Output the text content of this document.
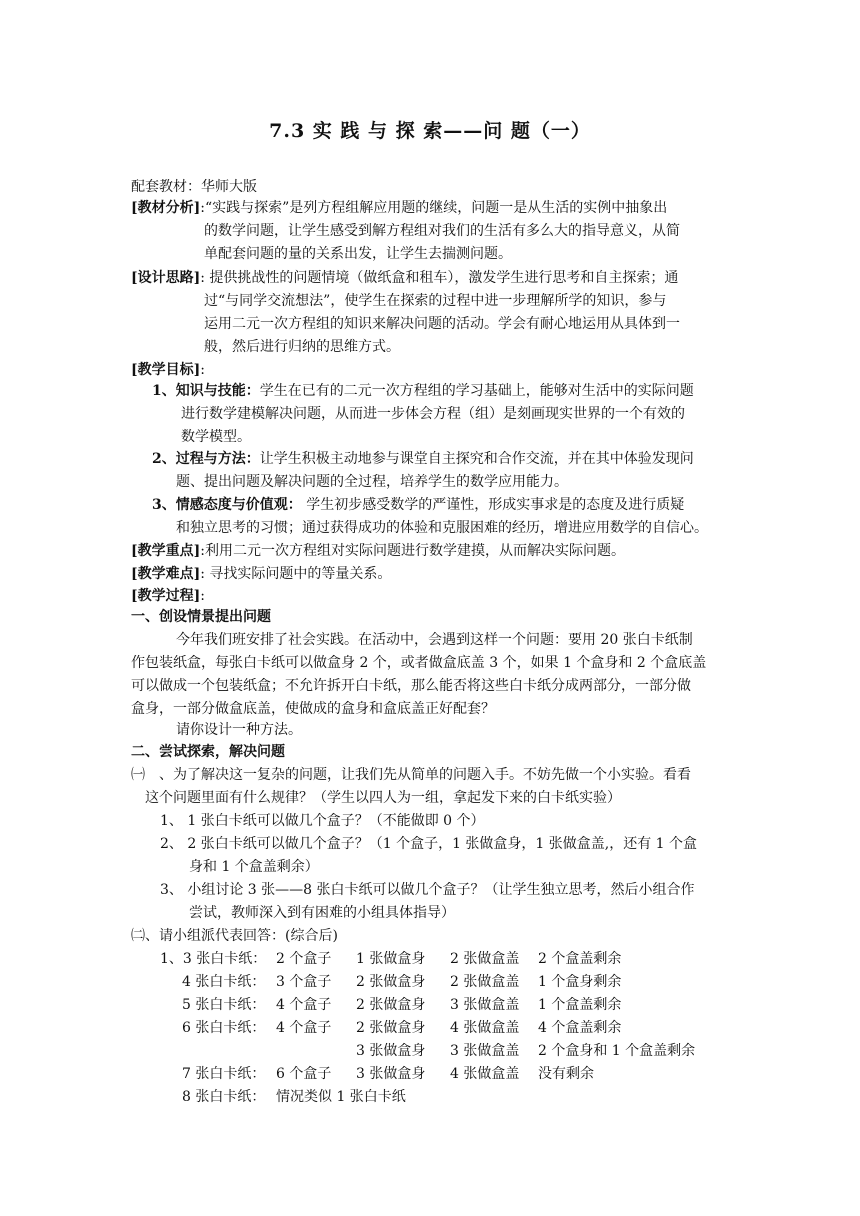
7.3 实 践 与 探 索——问 题（一）
配套教材：华师大版
[教材分析]:“实践与探索”是列方程组解应用题的继续，问题一是从生活的实例中抽象出
的数学问题，让学生感受到解方程组对我们的生活有多么大的指导意义，从简
单配套问题的量的关系出发，让学生去揣测问题。
[设计思路]: 提供挑战性的问题情境（做纸盒和租车），激发学生进行思考和自主探索；通
过“与同学交流想法”，使学生在探索的过程中进一步理解所学的知识，参与
运用二元一次方程组的知识来解决问题的活动。学会有耐心地运用从具体到一
般，然后进行归纳的思维方式。
[教学目标]:
1、知识与技能：学生在已有的二元一次方程组的学习基础上，能够对生活中的实际问题
进行数学建模解决问题，从而进一步体会方程（组）是刻画现实世界的一个有效的
数学模型。
2、过程与方法：让学生积极主动地参与课堂自主探究和合作交流，并在其中体验发现问
题、提出问题及解决问题的全过程，培养学生的数学应用能力。
3、情感态度与价值观： 学生初步感受数学的严谨性，形成实事求是的态度及进行质疑
和独立思考的习惯；通过获得成功的体验和克服困难的经历，增进应用数学的自信心。
[教学重点]:利用二元一次方程组对实际问题进行数学建摸，从而解决实际问题。
[教学难点]: 寻找实际问题中的等量关系。
[教学过程]:
一、创设情景提出问题
今年我们班安排了社会实践。在活动中，会遇到这样一个问题：要用 20 张白卡纸制
作包装纸盒，每张白卡纸可以做盒身 2 个，或者做盒底盖 3 个，如果 1 个盒身和 2 个盒底盖
可以做成一个包装纸盒；不允许拆开白卡纸，那么能否将这些白卡纸分成两部分，一部分做
盒身，一部分做盒底盖，使做成的盒身和盒底盖正好配套？
请你设计一种方法。
二、尝试探索，解决问题
㈠　、为了解决这一复杂的问题，让我们先从简单的问题入手。不妨先做一个小实验。看看
这个问题里面有什么规律？（学生以四人为一组，拿起发下来的白卡纸实验）
1、 1 张白卡纸可以做几个盒子？（不能做即 0 个）
2、 2 张白卡纸可以做几个盒子？（1 个盒子，1 张做盒身，1 张做盒盖,，还有 1 个盒
身和 1 个盒盖剩余）
3、 小组讨论 3 张——8 张白卡纸可以做几个盒子？（让学生独立思考，然后小组合作
尝试，教师深入到有困难的小组具体指导）
㈡、请小组派代表回答：(综合后)
1、3 张白卡纸： 2 个盒子 1 张做盒身 2 张做盒盖 2 个盒盖剩余
4 张白卡纸： 3 个盒子 2 张做盒身 2 张做盒盖 1 个盒身剩余
5 张白卡纸： 4 个盒子 2 张做盒身 3 张做盒盖 1 个盒盖剩余
6 张白卡纸： 4 个盒子 2 张做盒身 4 张做盒盖 4 个盒盖剩余
3 张做盒身 3 张做盒盖 2 个盒身和 1 个盒盖剩余
7 张白卡纸： 6 个盒子 3 张做盒身 4 张做盒盖 没有剩余
8 张白卡纸： 情况类似 1 张白卡纸
